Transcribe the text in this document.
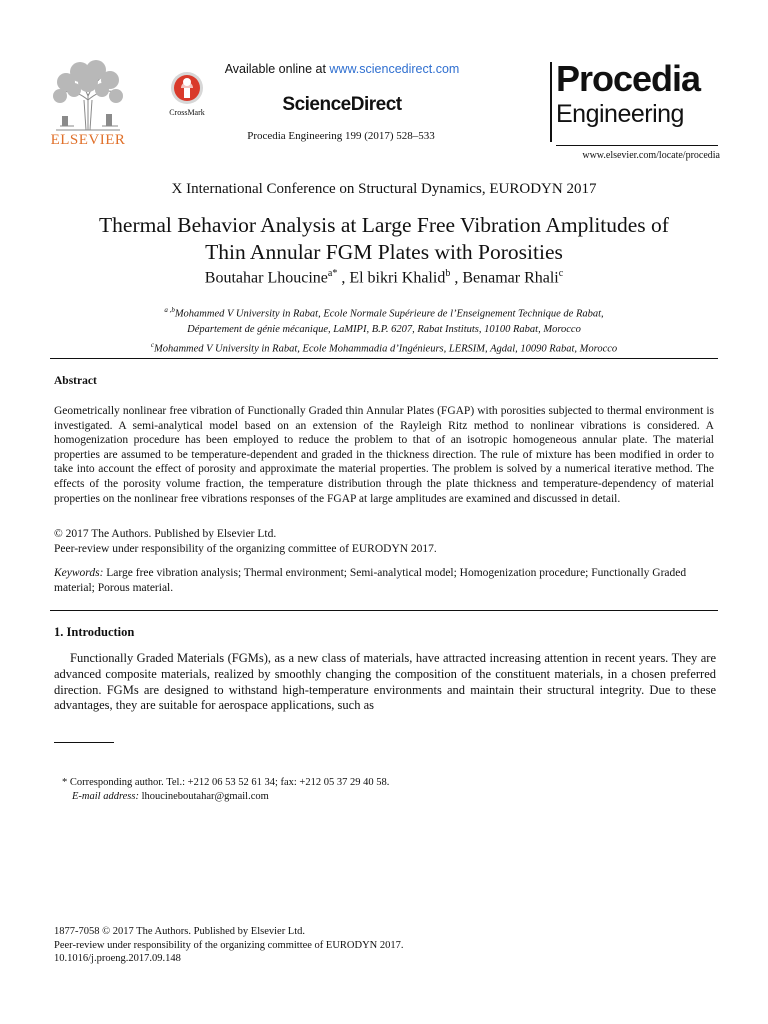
ELSEVIER
CrossMark
Available online at www.sciencedirect.com
ScienceDirect
Procedia Engineering 199 (2017) 528–533
Procedia
Engineering
www.elsevier.com/locate/procedia
X International Conference on Structural Dynamics, EURODYN 2017
Thermal Behavior Analysis at Large Free Vibration Amplitudes of
Thin Annular FGM Plates with Porosities
Boutahar Lhoucine$^{a*}$ , El bikri Khalid$^b$ , Benamar Rhali$^c$
$^{a ,b}$Mohammed V University in Rabat, Ecole Normale Supérieure de l’Enseignement Technique de Rabat,
Département de génie mécanique, LaMIPI, B.P. 6207, Rabat Instituts, 10100 Rabat, Morocco
$^c$Mohammed V University in Rabat, Ecole Mohammadia d’Ingénieurs, LERSIM, Agdal, 10090 Rabat, Morocco
Abstract
Geometrically nonlinear free vibration of Functionally Graded thin Annular Plates (FGAP) with porosities subjected to thermal environment is investigated. A semi-analytical model based on an extension of the Rayleigh Ritz method to nonlinear vibrations is considered. A homogenization procedure has been employed to reduce the problem to that of an isotropic homogeneous annular plate. The material properties are assumed to be temperature-dependent and graded in the thickness direction. The rule of mixture has been modified in order to take into account the effect of porosity and approximate the material properties. The problem is solved by a numerical iterative method. The effects of the porosity volume fraction, the temperature distribution through the plate thickness and temperature-dependency of material properties on the nonlinear free vibrations responses of the FGAP at large amplitudes are examined and discussed in detail.
© 2017 The Authors. Published by Elsevier Ltd.
Peer-review under responsibility of the organizing committee of EURODYN 2017.
Keywords: Large free vibration analysis; Thermal environment; Semi-analytical model; Homogenization procedure; Functionally Graded material; Porous material.
1. Introduction
Functionally Graded Materials (FGMs), as a new class of materials, have attracted increasing attention in recent years. They are advanced composite materials, realized by smoothly changing the composition of the constituent materials, in a chosen preferred direction. FGMs are designed to withstand high-temperature environments and maintain their structural integrity. Due to these advantages, they are suitable for aerospace applications, such as
* Corresponding author. Tel.: +212 06 53 52 61 34; fax: +212 05 37 29 40 58.
E-mail address: lhoucineboutahar@gmail.com
1877-7058 © 2017 The Authors. Published by Elsevier Ltd.
Peer-review under responsibility of the organizing committee of EURODYN 2017.
10.1016/j.proeng.2017.09.148
